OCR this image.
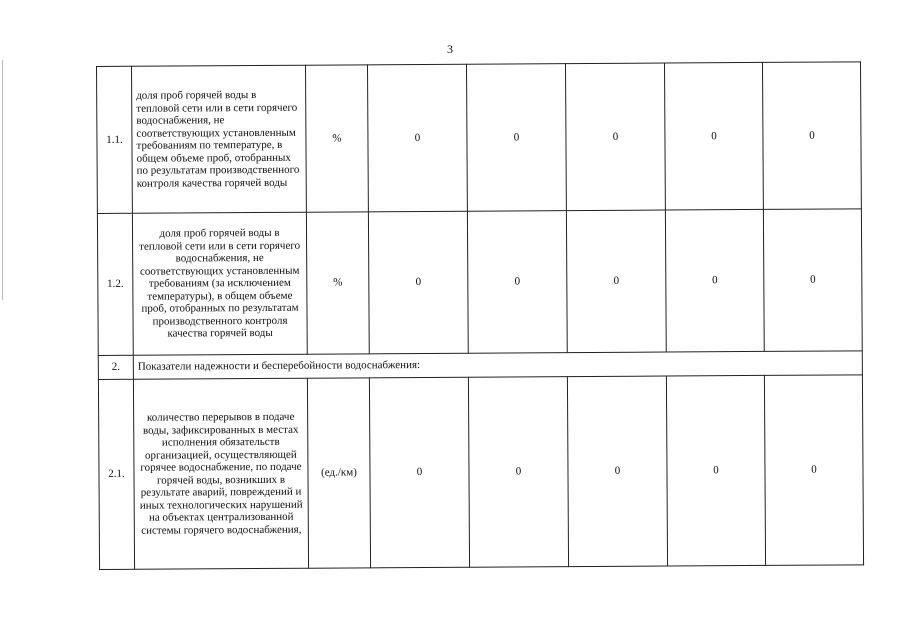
3
1.1.	доля проб горячей воды в тепловой сети или в сети горячего водоснабжения, не соответствующих установленным требованиям по температуре, в общем объеме проб, отобранных по результатам производственного контроля качества горячей воды	%	0	0	0	0	0
1.2.	доля проб горячей воды в тепловой сети или в сети горячего водоснабжения, не соответствующих установленным требованиям (за исключением температуры), в общем объеме проб, отобранных по результатам производственного контроля качества горячей воды	%	0	0	0	0	0
2.	Показатели надежности и бесперебойности водоснабжения:						
2.1.	количество перерывов в подаче воды, зафиксированных в местах исполнения обязательств организацией, осуществляющей горячее водоснабжение, по подаче горячей воды, возникших в результате аварий, повреждений и иных технологических нарушений на объектах централизованной системы горячего водоснабжения,	(ед./км)	0	0	0	0	0
